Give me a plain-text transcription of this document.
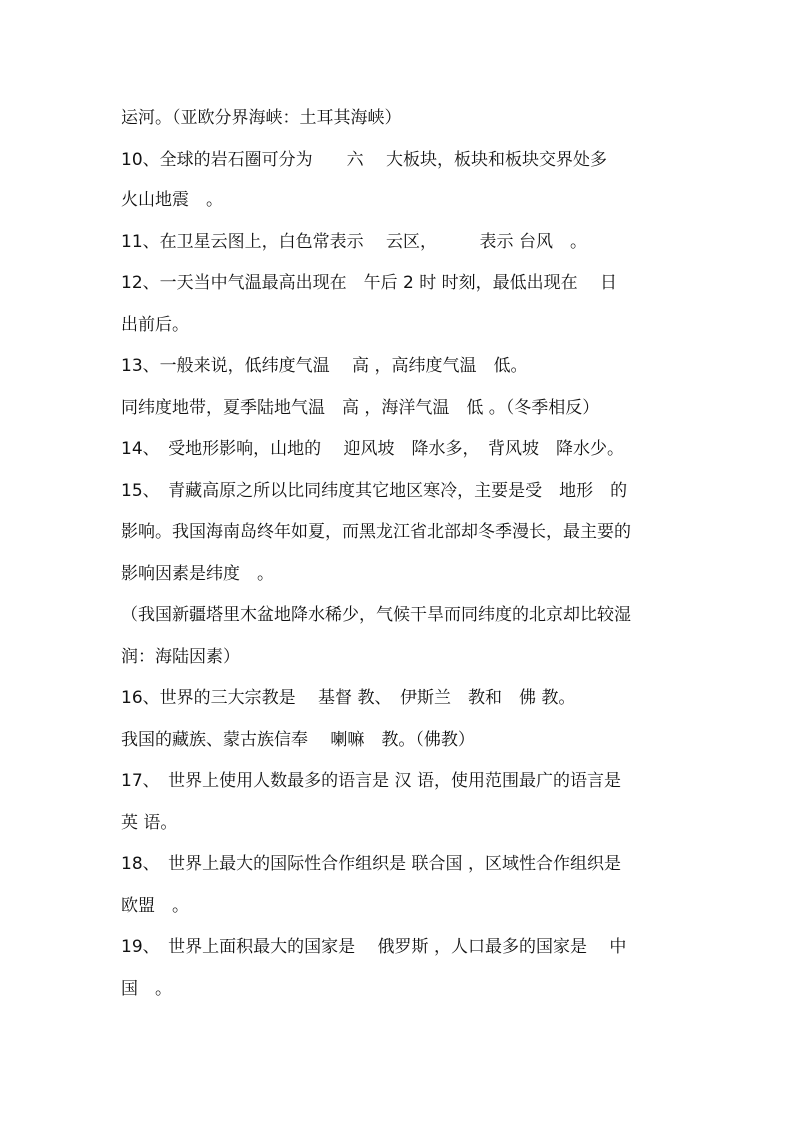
运河。（亚欧分界海峡：土耳其海峡）
10、全球的岩石圈可分为　　六　 大板块，板块和板块交界处多
火山地震　。
11、在卫星云图上，白色常表示　 云区，　　　表示 台风　。
12、一天当中气温最高出现在　午后 2 时 时刻，最低出现在　 日
出前后。
13、一般来说，低纬度气温　 高 ，高纬度气温　低。
同纬度地带，夏季陆地气温　高 ，海洋气温　低 。（冬季相反）
14、　受地形影响，山地的　 迎风坡　降水多，　背风坡　降水少。
15、　青藏高原之所以比同纬度其它地区寒冷，主要是受　地形　的
影响。我国海南岛终年如夏，而黑龙江省北部却冬季漫长，最主要的
影响因素是纬度　。
（我国新疆塔里木盆地降水稀少，气候干旱而同纬度的北京却比较湿
润：海陆因素）
16、世界的三大宗教是　 基督 教、　伊斯兰　教和　佛 教。
我国的藏族、蒙古族信奉　 喇嘛　教。（佛教）
17、　世界上使用人数最多的语言是 汉 语，使用范围最广的语言是
英 语。
18、　世界上最大的国际性合作组织是 联合国 ，区域性合作组织是
欧盟　。
19、　世界上面积最大的国家是　 俄罗斯 ，人口最多的国家是　 中
国　。
